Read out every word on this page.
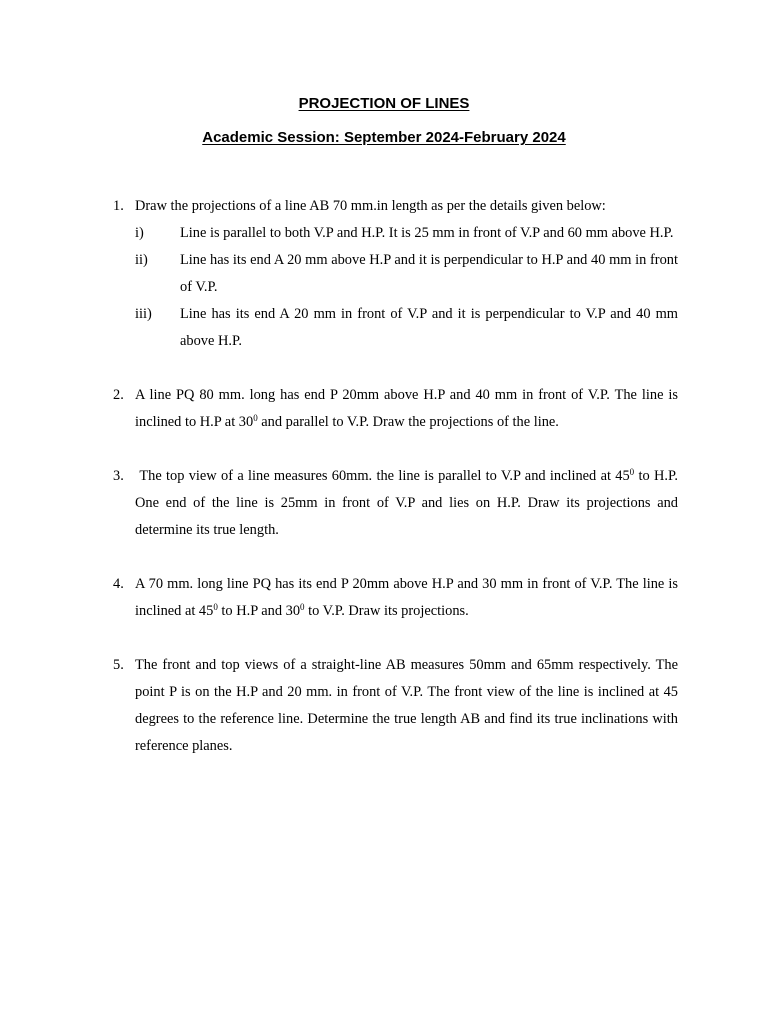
PROJECTION OF LINES
Academic Session: September 2024-February 2024
1. Draw the projections of a line AB 70 mm.in length as per the details given below:
i)	Line is parallel to both V.P and H.P. It is 25 mm in front of V.P and 60 mm above H.P.
ii) Line has its end A 20 mm above H.P and it is perpendicular to H.P and 40 mm in front of V.P.
iii) Line has its end A 20 mm in front of V.P and it is perpendicular to V.P and 40 mm above H.P.
2. A line PQ 80 mm. long has end P 20mm above H.P and 40 mm in front of V.P. The line is inclined to H.P at $30^0$ and parallel to V.P. Draw the projections of the line.
3.	The top view of a line measures 60mm. the line is parallel to V.P and inclined at $45^0$ to H.P. One end of the line is 25mm in front of V.P and lies on H.P. Draw its projections and determine its true length.
4. A 70 mm. long line PQ has its end P 20mm above H.P and 30 mm in front of V.P. The line is inclined at $45^0$ to H.P and $30^0$ to V.P. Draw its projections.
5. The front and top views of a straight-line AB measures 50mm and 65mm respectively. The point P is on the H.P and 20 mm. in front of V.P. The front view of the line is inclined at 45 degrees to the reference line. Determine the true length AB and find its true inclinations with reference planes.
